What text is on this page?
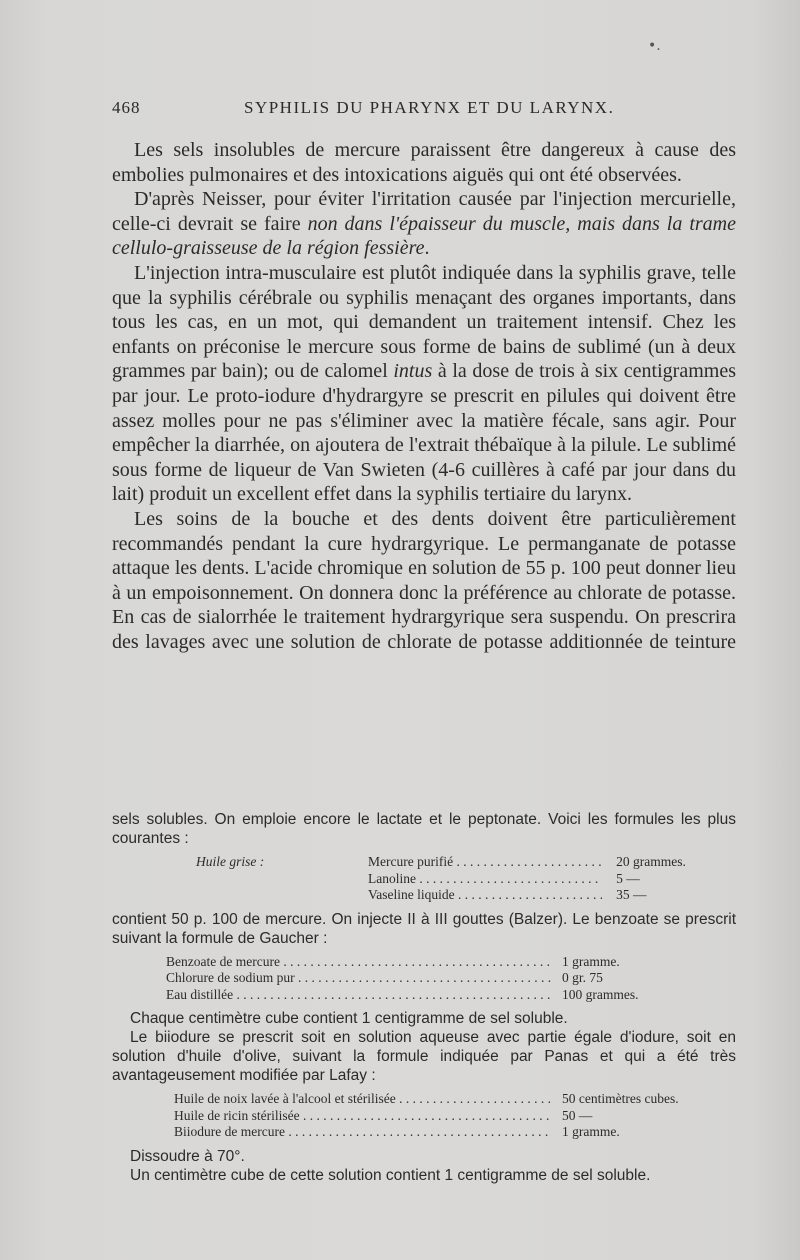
•.
468	SYPHILIS DU PHARYNX ET DU LARYNX.

Les sels insolubles de mercure paraissent être dangereux à cause des embolies pulmonaires et des intoxications aiguës qui ont été observées.

D'après Neisser, pour éviter l'irritation causée par l'injection mercurielle, celle-ci devrait se faire non dans l'épaisseur du muscle, mais dans la trame cellulo-graisseuse de la région fessière.

L'injection intra-musculaire est plutôt indiquée dans la syphilis grave, telle que la syphilis cérébrale ou syphilis menaçant des organes importants, dans tous les cas, en un mot, qui demandent un traitement intensif. Chez les enfants on préconise le mercure sous forme de bains de sublimé (un à deux grammes par bain); ou de calomel intus à la dose de trois à six centigrammes par jour. Le proto-iodure d'hydrargyre se prescrit en pilules qui doivent être assez molles pour ne pas s'éliminer avec la matière fécale, sans agir. Pour empêcher la diarrhée, on ajoutera de l'extrait thébaïque à la pilule. Le sublimé sous forme de liqueur de Van Swieten (4-6 cuillères à café par jour dans du lait) produit un excellent effet dans la syphilis tertiaire du larynx.

Les soins de la bouche et des dents doivent être particulièrement recommandés pendant la cure hydrargyrique. Le permanganate de potasse attaque les dents. L'acide chromique en solution de 55 p. 100 peut donner lieu à un empoisonnement. On donnera donc la préférence au chlorate de potasse. En cas de sialorrhée le traitement hydrargyrique sera suspendu. On prescrira des lavages avec une solution de chlorate de potasse additionnée de teinture

sels solubles. On emploie encore le lactate et le peptonate. Voici les formules les plus courantes :

Huile grise :	Mercure purifié . . .	20 grammes.
Lanoline . . .	5 —
Vaseline liquide . . .	35 —

contient 50 p. 100 de mercure. On injecte II à III gouttes (Balzer). Le benzoate se prescrit suivant la formule de Gaucher :

Benzoate de mercure . . .	1 gramme.
Chlorure de sodium pur . . .	0 gr. 75
Eau distillée . . .	100 grammes.

Chaque centimètre cube contient 1 centigramme de sel soluble.

Le biiodure se prescrit soit en solution aqueuse avec partie égale d'iodure, soit en solution d'huile d'olive, suivant la formule indiquée par Panas et qui a été très avantageusement modifiée par Lafay :

Huile de noix lavée à l'alcool et stérilisée . . .	50 centimètres cubes.
Huile de ricin stérilisée . . .	50 —
Biiodure de mercure . . .	1 gramme.

Dissoudre à 70°.

Un centimètre cube de cette solution contient 1 centigramme de sel soluble.
